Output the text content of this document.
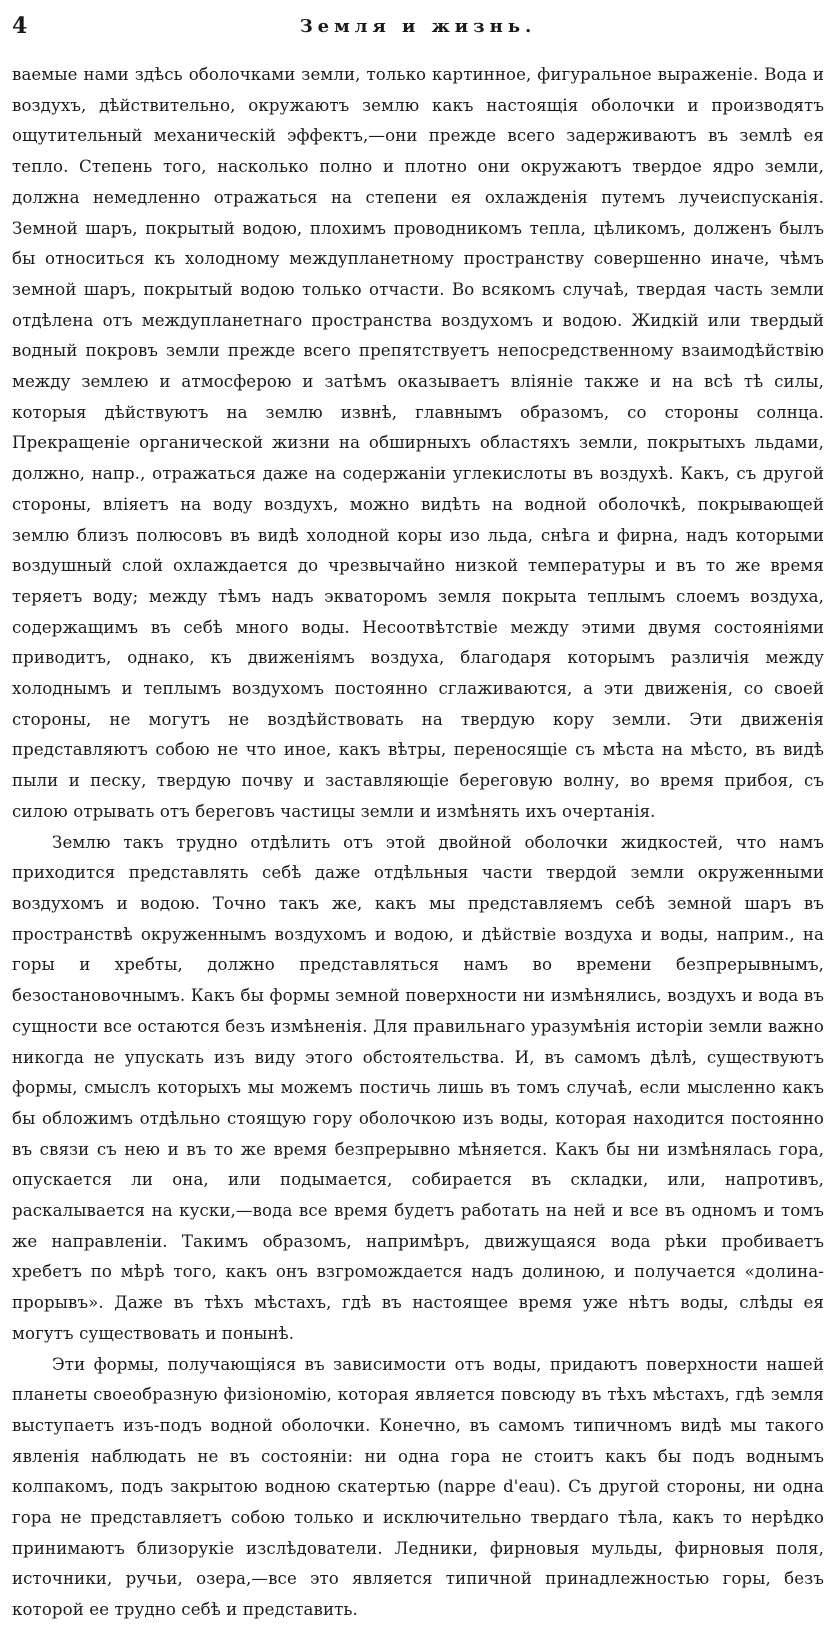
4	Земля и жизнь.

ваемые нами здѣсь оболочками земли, только картинное, фигуральное выраженіе. Вода и воздухъ, дѣйствительно, окружаютъ землю какъ настоящія оболочки и производятъ ощутительный механическій эффектъ,—они прежде всего задерживаютъ въ землѣ ея тепло. Степень того, насколько полно и плотно они окружаютъ твердое ядро земли, должна немедленно отражаться на степени ея охлажденія путемъ лучеиспусканія. Земной шаръ, покрытый водою, плохимъ проводникомъ тепла, цѣликомъ, долженъ былъ бы относиться къ холодному междупланетному пространству совершенно иначе, чѣмъ земной шаръ, покрытый водою только отчасти. Во всякомъ случаѣ, твердая часть земли отдѣлена отъ междупланетнаго пространства воздухомъ и водою. Жидкій или твердый водный покровъ земли прежде всего препятствуетъ непосредственному взаимодѣйствію между землею и атмосферою и затѣмъ оказываетъ вліяніе также и на всѣ тѣ силы, которыя дѣйствуютъ на землю извнѣ, главнымъ образомъ, со стороны солнца. Прекращеніе органической жизни на обширныхъ областяхъ земли, покрытыхъ льдами, должно, напр., отражаться даже на содержаніи углекислоты въ воздухѣ. Какъ, съ другой стороны, вліяетъ на воду воздухъ, можно видѣть на водной оболочкѣ, покрывающей землю близъ полюсовъ въ видѣ холодной коры изо льда, снѣга и фирна, надъ которыми воздушный слой охлаждается до чрезвычайно низкой температуры и въ то же время теряетъ воду; между тѣмъ надъ экваторомъ земля покрыта теплымъ слоемъ воздуха, содержащимъ въ себѣ много воды. Несоотвѣтствіе между этими двумя состояніями приводитъ, однако, къ движеніямъ воздуха, благодаря которымъ различія между холоднымъ и теплымъ воздухомъ постоянно сглаживаются, а эти движенія, со своей стороны, не могутъ не воздѣйствовать на твердую кору земли. Эти движенія представляютъ собою не что иное, какъ вѣтры, переносящіе съ мѣста на мѣсто, въ видѣ пыли и песку, твердую почву и заставляющіе береговую волну, во время прибоя, съ силою отрывать отъ береговъ частицы земли и измѣнять ихъ очертанія.

Землю такъ трудно отдѣлить отъ этой двойной оболочки жидкостей, что намъ приходится представлять себѣ даже отдѣльныя части твердой земли окруженными воздухомъ и водою. Точно такъ же, какъ мы представляемъ себѣ земной шаръ въ пространствѣ окруженнымъ воздухомъ и водою, и дѣйствіе воздуха и воды, наприм., на горы и хребты, должно представляться намъ во времени безпрерывнымъ, безостановочнымъ. Какъ бы формы земной поверхности ни измѣнялись, воздухъ и вода въ сущности все остаются безъ измѣненія. Для правильнаго уразумѣнія исторіи земли важно никогда не упускать изъ виду этого обстоятельства. И, въ самомъ дѣлѣ, существуютъ формы, смыслъ которыхъ мы можемъ постичь лишь въ томъ случаѣ, если мысленно какъ бы обложимъ отдѣльно стоящую гору оболочкою изъ воды, которая находится постоянно въ связи съ нею и въ то же время безпрерывно мѣняется. Какъ бы ни измѣнялась гора, опускается ли она, или подымается, собирается въ складки, или, напротивъ, раскалывается на куски,—вода все время будетъ работать на ней и все въ одномъ и томъ же направленіи. Такимъ образомъ, напримѣръ, движущаяся вода рѣки пробиваетъ хребетъ по мѣрѣ того, какъ онъ взгромождается надъ долиною, и получается «долина-прорывъ». Даже въ тѣхъ мѣстахъ, гдѣ въ настоящее время уже нѣтъ воды, слѣды ея могутъ существовать и понынѣ.

Эти формы, получающіяся въ зависимости отъ воды, придаютъ поверхности нашей планеты своеобразную физіономію, которая является повсюду въ тѣхъ мѣстахъ, гдѣ земля выступаетъ изъ-подъ водной оболочки. Конечно, въ самомъ типичномъ видѣ мы такого явленія наблюдать не въ состояніи: ни одна гора не стоитъ какъ бы подъ воднымъ колпакомъ, подъ закрытою водною скатертью (nappe d'eau). Съ другой стороны, ни одна гора не представляетъ собою только и исключительно твердаго тѣла, какъ то нерѣдко принимаютъ близорукіе изслѣдователи. Ледники, фирновыя мульды, фирновыя поля, источники, ручьи, озера,—все это является типичной принадлежностью горы, безъ которой ее трудно себѣ и представить.
